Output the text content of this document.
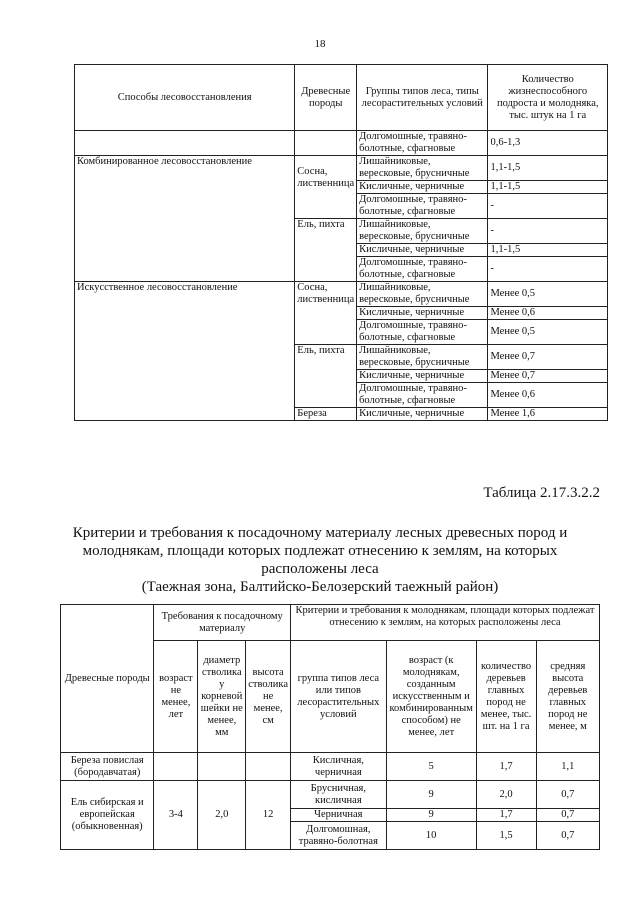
18
Способы лесовосстановления	Древесные породы	Группы типов леса, типы лесорастительных условий	Количество жизнеспособного подроста и молодняка, тыс. штук на 1 га
		Долгомошные, травяно-болотные, сфагновые	0,6-1,3
Комбинированное лесовосстановление	Сосна, лиственница	Лишайниковые, вересковые, брусничные	1,1-1,5
		Кисличные, черничные	1,1-1,5
		Долгомошные, травяно-болотные, сфагновые	-
	Ель, пихта	Лишайниковые, вересковые, брусничные	-
		Кисличные, черничные	1,1-1,5
		Долгомошные, травяно-болотные, сфагновые	-
Искусственное лесовосстановление	Сосна, лиственница	Лишайниковые, вересковые, брусничные	Менее 0,5
		Кисличные, черничные	Менее 0,6
		Долгомошные, травяно-болотные, сфагновые	Менее 0,5
	Ель, пихта	Лишайниковые, вересковые, брусничные	Менее 0,7
		Кисличные, черничные	Менее 0,7
		Долгомошные, травяно-болотные, сфагновые	Менее 0,6
	Береза	Кисличные, черничные	Менее 1,6
Таблица 2.17.3.2.2
Критерии и требования к посадочному материалу лесных древесных пород и
молоднякам, площади которых подлежат отнесению к землям, на которых
расположены леса
(Таежная зона, Балтийско-Белозерский таежный район)
Древесные породы	Требования к посадочному материалу			Критерии и требования к молоднякам, площади которых подлежат отнесению к землям, на которых расположены леса			
	возраст не менее, лет	диаметр стволика у корневой шейки не менее, мм	высота стволика не менее, см	группа типов леса или типов лесорастительных условий	возраст (к молоднякам, созданным искусственным и комбинированным способом) не менее, лет	количество деревьев главных пород не менее, тыс. шт. на 1 га	средняя высота деревьев главных пород не менее, м
Береза повислая (бородавчатая)				Кисличная, черничная	5	1,7	1,1
Ель сибирская и европейская (обыкновенная)	3-4	2,0	12	Брусничная, кисличная	9	2,0	0,7
				Черничная	9	1,7	0,7
				Долгомошная, травяно-болотная	10	1,5	0,7
